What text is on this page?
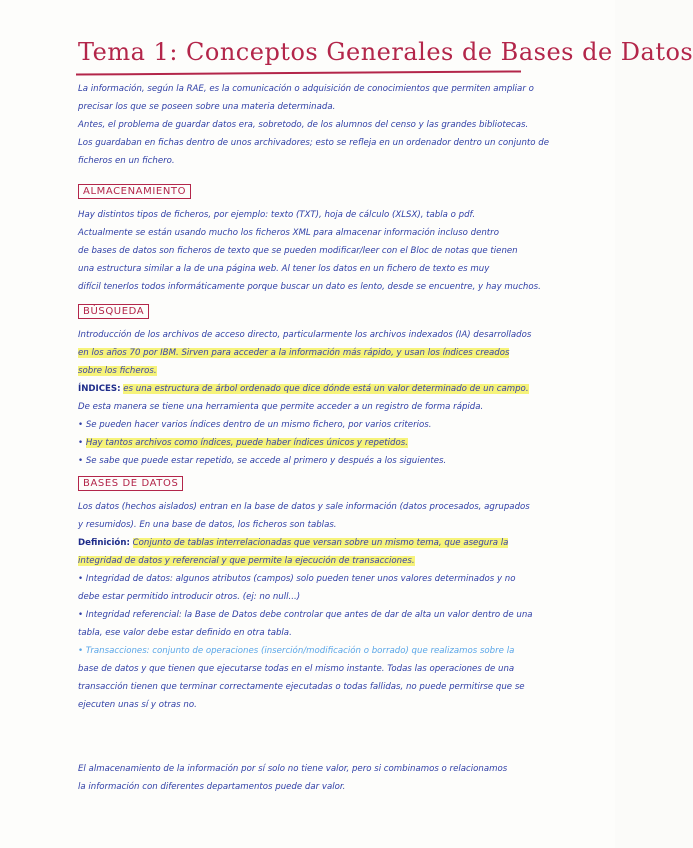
Tema 1: Conceptos Generales de Bases de Datos
La información, según la RAE, es la comunicación o adquisición de conocimientos que permiten ampliar o precisar los que se poseen sobre una materia determinada.
Antes, el problema de guardar datos era, sobretodo, de los alumnos del censo y las grandes bibliotecas.
Los guardaban en fichas dentro de unos archivadores; esto se refleja en un ordenador dentro un conjunto de ficheros en un fichero.
ALMACENAMIENTO
Hay distintos tipos de ficheros, por ejemplo: texto (TXT), hoja de cálculo (XLSX), tabla o pdf.
Actualmente se están usando mucho los ficheros XML para almacenar información incluso dentro
de bases de datos son ficheros de texto que se pueden modificar/leer con el Bloc de notas que tienen
una estructura similar a la de una página web. Al tener los datos en un fichero de texto es muy
difícil tenerlos todos informáticamente porque buscar un dato es lento, desde se encuentre, y hay muchos.
BÚSQUEDA
Introducción de los archivos de acceso directo, particularmente los archivos indexados (IA) desarrollados
en los años 70 por IBM. Sirven para acceder a la información más rápido, y usan los índices creados
sobre los ficheros.
ÍNDICES: es una estructura de árbol ordenado que dice dónde está un valor determinado de un campo.
De esta manera se tiene una herramienta que permite acceder a un registro de forma rápida.
• Se pueden hacer varios índices dentro de un mismo fichero, por varios criterios.
• Hay tantos archivos como índices, puede haber índices únicos y repetidos.
• Se sabe que puede estar repetido, se accede al primero y después a los siguientes.
BASES DE DATOS
Los datos (hechos aislados) entran en la base de datos y sale información (datos procesados, agrupados
y resumidos). En una base de datos, los ficheros son tablas.
Definición: Conjunto de tablas interrelacionadas que versan sobre un mismo tema, que asegura la
integridad de datos y referencial y que permite la ejecución de transacciones.
• Integridad de datos: algunos atributos (campos) solo pueden tener unos valores determinados y no
debe estar permitido introducir otros. (ej: no null...)
• Integridad referencial: la Base de Datos debe controlar que antes de dar de alta un valor dentro de una
tabla, ese valor debe estar definido en otra tabla.
• Transacciones: conjunto de operaciones (inserción/modificación o borrado) que realizamos sobre la
base de datos y que tienen que ejecutarse todas en el mismo instante. Todas las operaciones de una
transacción tienen que terminar correctamente ejecutadas o todas fallidas, no puede permitirse que se
ejecuten unas sí y otras no.
El almacenamiento de la información por sí solo no tiene valor, pero si combinamos o relacionamos
la información con diferentes departamentos puede dar valor.
